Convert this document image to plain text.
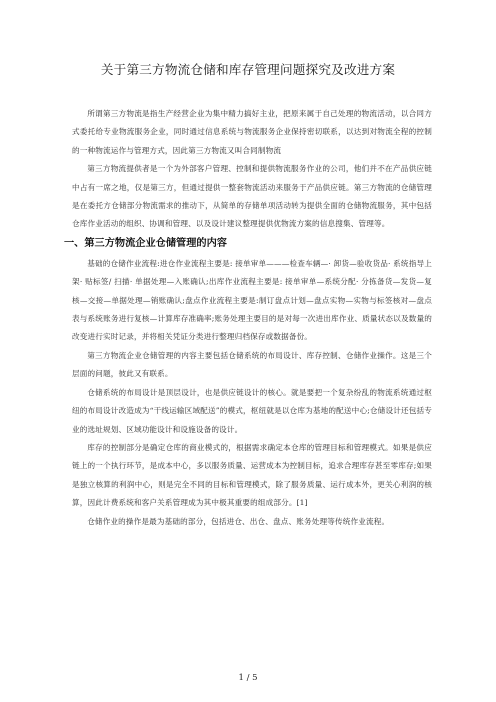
关于第三方物流仓储和库存管理问题探究及改进方案

所谓第三方物流是指生产经营企业为集中精力搞好主业，把原来属于自己处理的物流活动，以合同方式委托给专业物流服务企业，同时通过信息系统与物流服务企业保持密切联系，以达到对物流全程的控制的一种物流运作与管理方式，因此第三方物流又叫合同制物流

第三方物流提供者是一个为外部客户管理、控制和提供物流服务作业的公司，他们并不在产品供应链中占有一席之地，仅是第三方，但通过提供一整套物流活动来服务于产品供应链。第三方物流的仓储管理是在委托方仓储部分物流需求的推动下，从简单的存储单项活动转为提供全面的仓储物流服务，其中包括仓库作业活动的组织、协调和管理、以及设计建议整理提供优物流方案的信息搜集、管理等。

一、第三方物流企业仓储管理的内容

基础的仓储作业流程:进仓作业流程主要是: 接单审单———检查车辆—· 卸货—验收货品· 系统指导上架· 贴标签/ 扫描· 单据处理—入账确认;出库作业流程主要是: 接单审单—系统分配· 分拣备货—发货—复核—交接—单据处理—销账确认;盘点作业流程主要是:制订盘点计划—盘点实物—实物与标签核对—盘点表与系统账务进行复核—计算库存准确率;账务处理主要目的是对每一次进出库作业、质量状态以及数量的改变进行实时记录，并将相关凭证分类进行整理归档保存或数据备份。

第三方物流企业仓储管理的内容主要包括仓储系统的布局设计、库存控制、仓储作业操作。这是三个层面的问题，彼此又有联系。

仓储系统的布局设计是顶层设计，也是供应链设计的核心。就是要把一个复杂纷乱的物流系统通过枢纽的布局设计改造成为“干线运输区域配送”的模式，枢纽就是以仓库为基地的配送中心;仓储设计还包括专业的选址规划、区域功能设计和设施设备的设计。

库存的控制部分是确定仓库的商业模式的，根据需求确定本仓库的管理目标和管理模式。如果是供应链上的一个执行环节，是成本中心，多以服务质量、运营成本为控制目标，追求合理库存甚至零库存;如果是独立核算的利润中心，则是完全不同的目标和管理模式，除了服务质量、运行成本外，更关心利润的核算，因此计费系统和客户关系管理成为其中极其重要的组成部分。[1]

仓储作业的操作是最为基础的部分，包括进仓、出仓、盘点、账务处理等传统作业流程。

1 / 5
